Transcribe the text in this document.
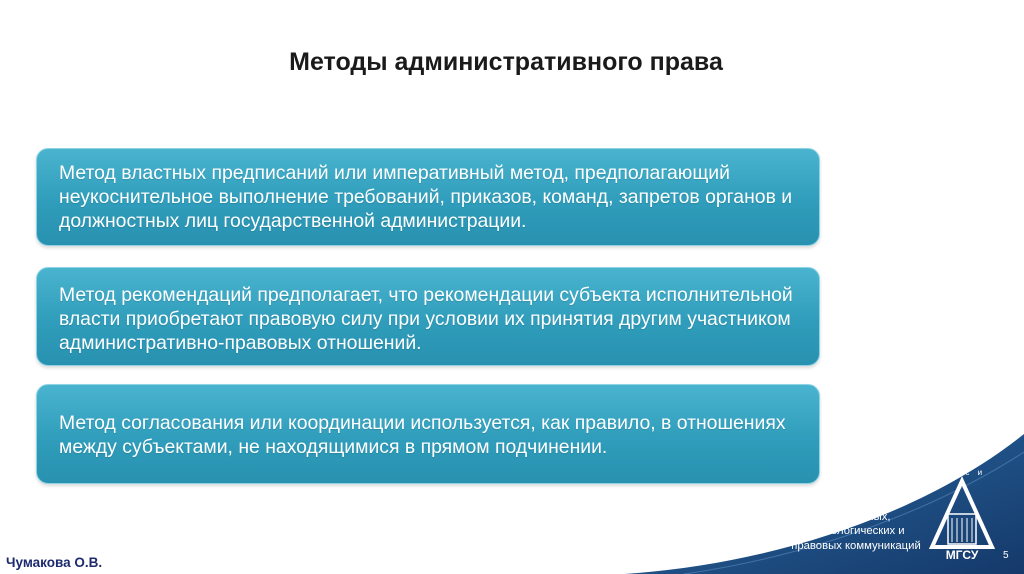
Методы административного права
Метод властных предписаний или императивный метод, предполагающий неукоснительное выполнение требований, приказов, команд, запретов органов и должностных лиц государственной администрации.
Метод рекомендаций предполагает, что рекомендации субъекта исполнительной власти приобретают правовую силу при условии их принятия другим участником административно-правовых отношений.
Метод согласования или координации используется, как правило, в отношениях между субъектами, не находящимися в прямом подчинении.
Кафедра
Социальных,
психологических и
правовых коммуникаций
м и с и
МГСУ 5
Чумакова О.В.
